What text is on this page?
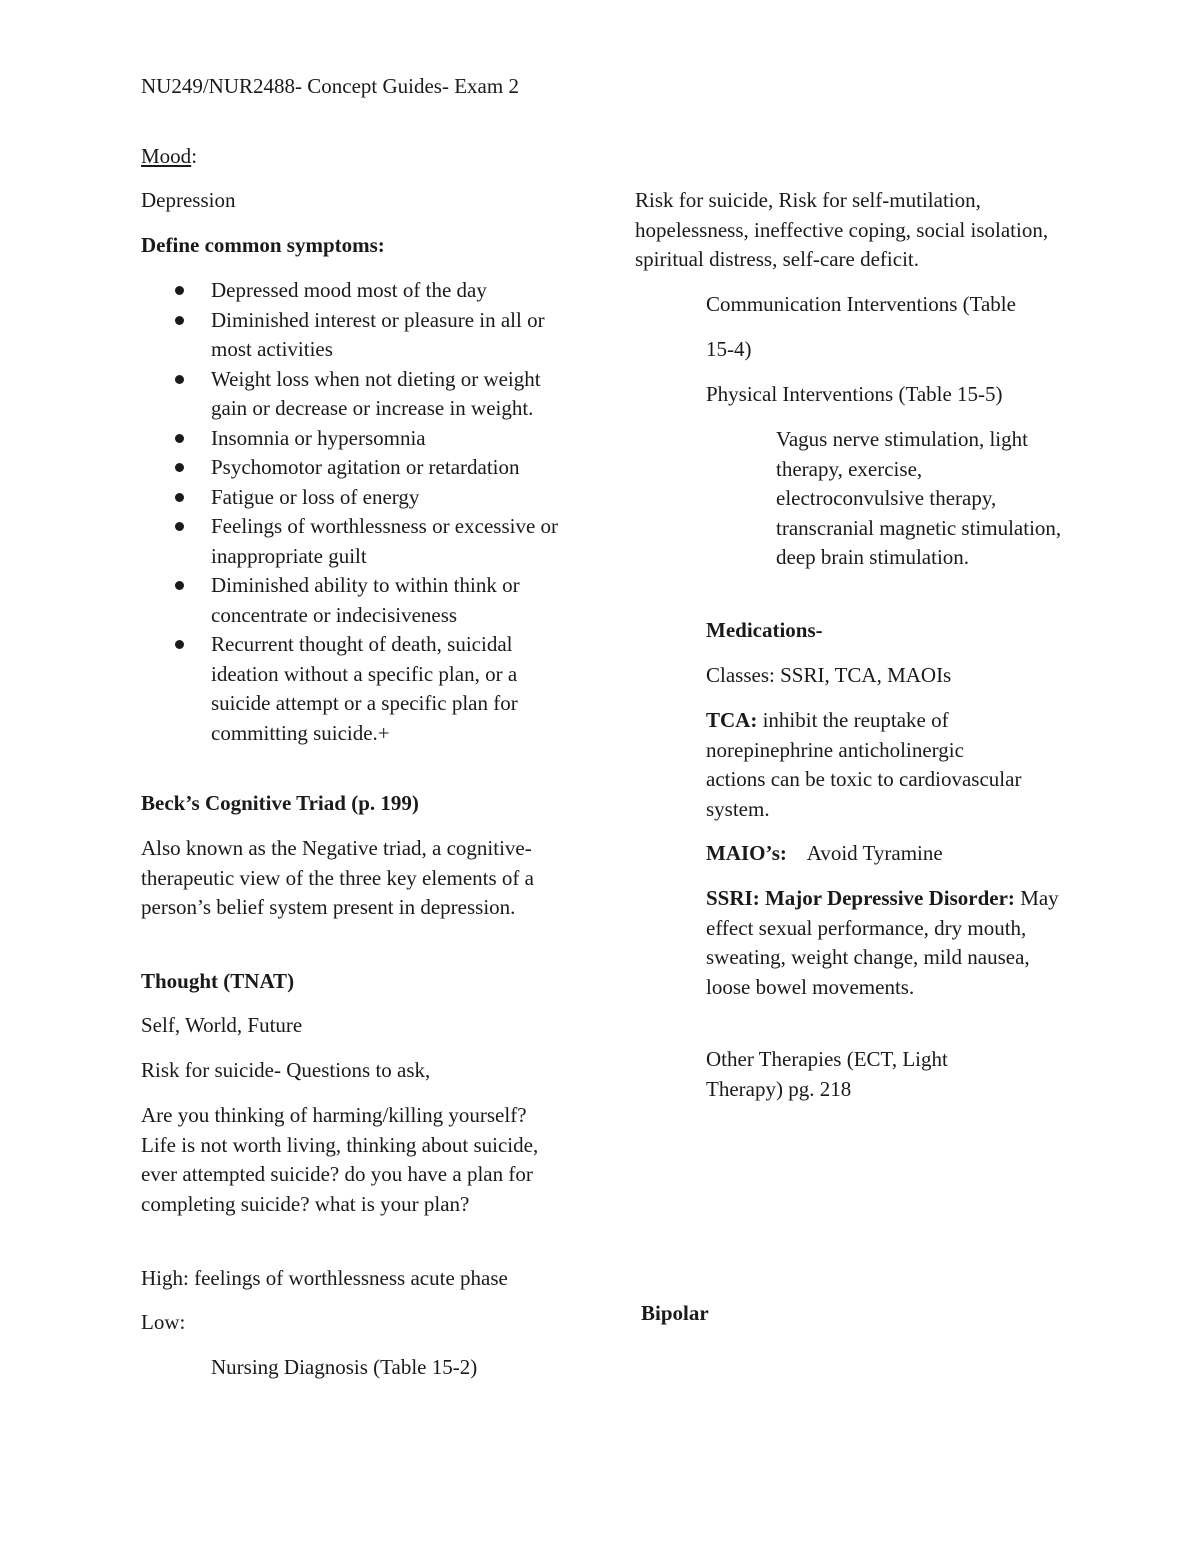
NU249/NUR2488- Concept Guides- Exam 2

Mood:

Depression

Define common symptoms:

Depressed mood most of the day
Diminished interest or pleasure in all or most activities
Weight loss when not dieting or weight gain or decrease or increase in weight.
Insomnia or hypersomnia
Psychomotor agitation or retardation
Fatigue or loss of energy
Feelings of worthlessness or excessive or inappropriate guilt
Diminished ability to within think or concentrate or indecisiveness
Recurrent thought of death, suicidal ideation without a specific plan, or a suicide attempt or a specific plan for committing suicide.+

Beck’s Cognitive Triad (p. 199)

Also known as the Negative triad, a cognitive-therapeutic view of the three key elements of a person’s belief system present in depression.

Thought (TNAT)

Self, World, Future

Risk for suicide- Questions to ask,

Are you thinking of harming/killing yourself? Life is not worth living, thinking about suicide, ever attempted suicide? do you have a plan for completing suicide? what is your plan?

High: feelings of worthlessness acute phase

Low:

Nursing Diagnosis (Table 15-2)

Risk for suicide, Risk for self-mutilation, hopelessness, ineffective coping, social isolation, spiritual distress, self-care deficit.

Communication Interventions (Table

15-4)

Physical Interventions (Table 15-5)

Vagus nerve stimulation, light therapy, exercise, electroconvulsive therapy, transcranial magnetic stimulation, deep brain stimulation.

Medications-

Classes: SSRI, TCA, MAOIs

TCA: inhibit the reuptake of norepinephrine anticholinergic actions can be toxic to cardiovascular system.

MAIO’s:    Avoid Tyramine

SSRI: Major Depressive Disorder: May effect sexual performance, dry mouth, sweating, weight change, mild nausea, loose bowel movements.

Other Therapies (ECT, Light Therapy) pg. 218

Bipolar
